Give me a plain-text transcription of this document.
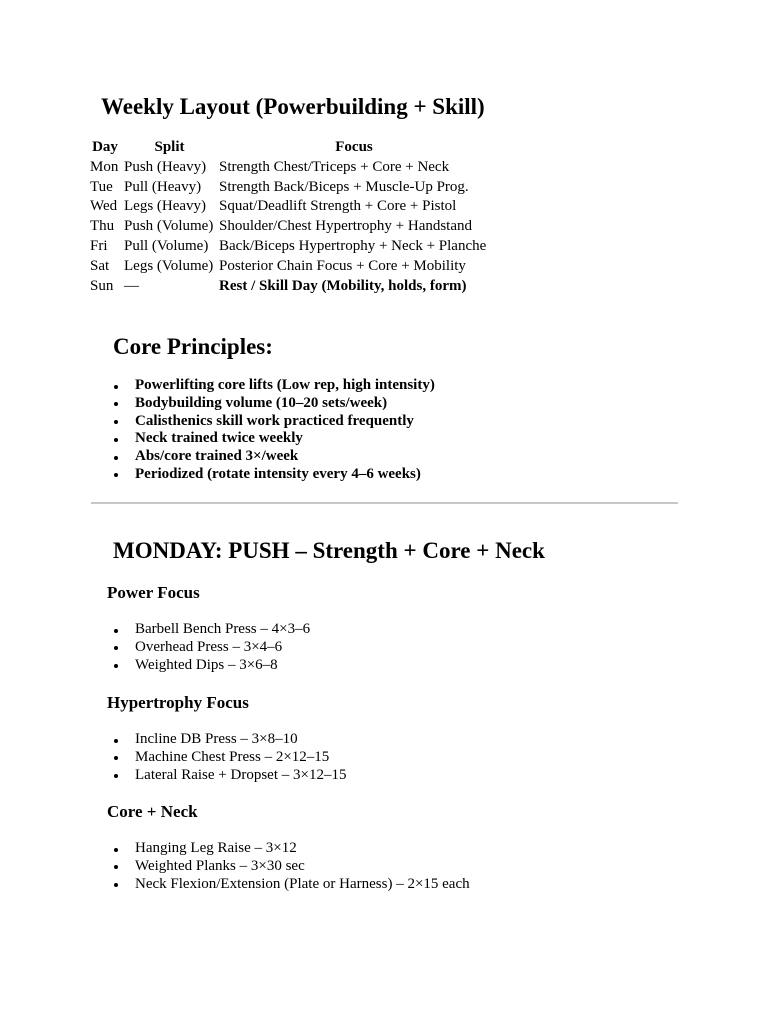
Weekly Layout (Powerbuilding + Skill)
Day	Split	Focus
Mon	Push (Heavy)	Strength Chest/Triceps + Core + Neck
Tue	Pull (Heavy)	Strength Back/Biceps + Muscle-Up Prog.
Wed	Legs (Heavy)	Squat/Deadlift Strength + Core + Pistol
Thu	Push (Volume)	Shoulder/Chest Hypertrophy + Handstand
Fri	Pull (Volume)	Back/Biceps Hypertrophy + Neck + Planche
Sat	Legs (Volume)	Posterior Chain Focus + Core + Mobility
Sun	—	Rest / Skill Day (Mobility, holds, form)
Core Principles:
Powerlifting core lifts (Low rep, high intensity)
Bodybuilding volume (10–20 sets/week)
Calisthenics skill work practiced frequently
Neck trained twice weekly
Abs/core trained 3×/week
Periodized (rotate intensity every 4–6 weeks)
MONDAY: PUSH – Strength + Core + Neck
Power Focus
Barbell Bench Press – 4×3–6
Overhead Press – 3×4–6
Weighted Dips – 3×6–8
Hypertrophy Focus
Incline DB Press – 3×8–10
Machine Chest Press – 2×12–15
Lateral Raise + Dropset – 3×12–15
Core + Neck
Hanging Leg Raise – 3×12
Weighted Planks – 3×30 sec
Neck Flexion/Extension (Plate or Harness) – 2×15 each
